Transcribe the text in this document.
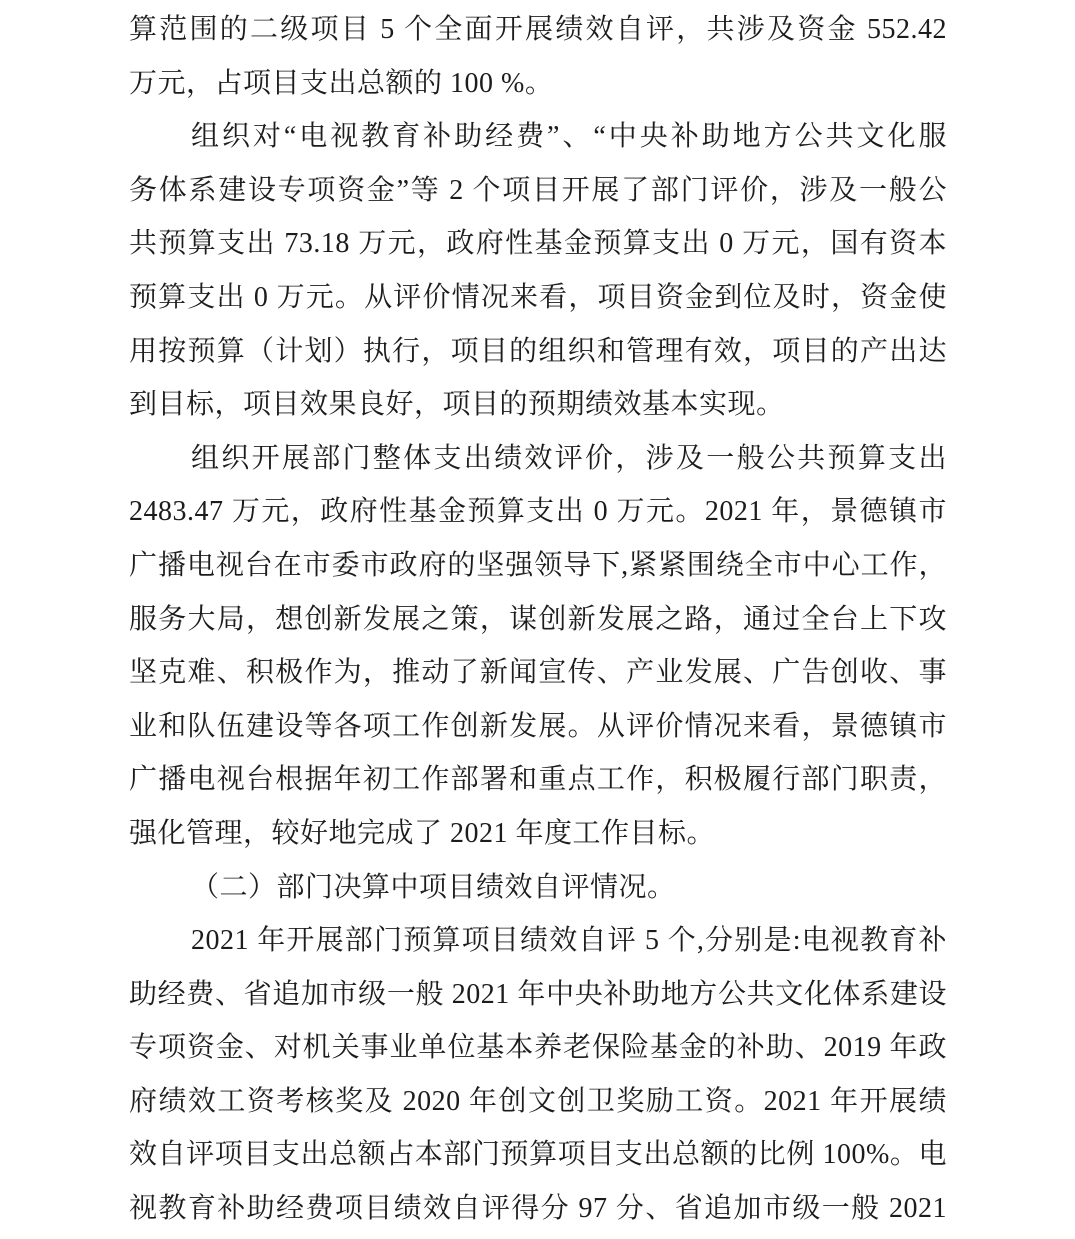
算范围的二级项目 5 个全面开展绩效自评，共涉及资金 552.42
万元，占项目支出总额的 100 %。
组织对“电视教育补助经费”、“中央补助地方公共文化服
务体系建设专项资金”等 2 个项目开展了部门评价，涉及一般公
共预算支出 73.18 万元，政府性基金预算支出 0 万元，国有资本
预算支出 0 万元。从评价情况来看，项目资金到位及时，资金使
用按预算（计划）执行，项目的组织和管理有效，项目的产出达
到目标，项目效果良好，项目的预期绩效基本实现。
组织开展部门整体支出绩效评价，涉及一般公共预算支出
2483.47 万元，政府性基金预算支出 0 万元。2021 年，景德镇市
广播电视台在市委市政府的坚强领导下,紧紧围绕全市中心工作，
服务大局，想创新发展之策，谋创新发展之路，通过全台上下攻
坚克难、积极作为，推动了新闻宣传、产业发展、广告创收、事
业和队伍建设等各项工作创新发展。从评价情况来看，景德镇市
广播电视台根据年初工作部署和重点工作，积极履行部门职责，
强化管理，较好地完成了 2021 年度工作目标。
（二）部门决算中项目绩效自评情况。
2021 年开展部门预算项目绩效自评 5 个,分别是:电视教育补
助经费、省追加市级一般 2021 年中央补助地方公共文化体系建设
专项资金、对机关事业单位基本养老保险基金的补助、2019 年政
府绩效工资考核奖及 2020 年创文创卫奖励工资。2021 年开展绩
效自评项目支出总额占本部门预算项目支出总额的比例 100%。电
视教育补助经费项目绩效自评得分 97 分、省追加市级一般 2021
